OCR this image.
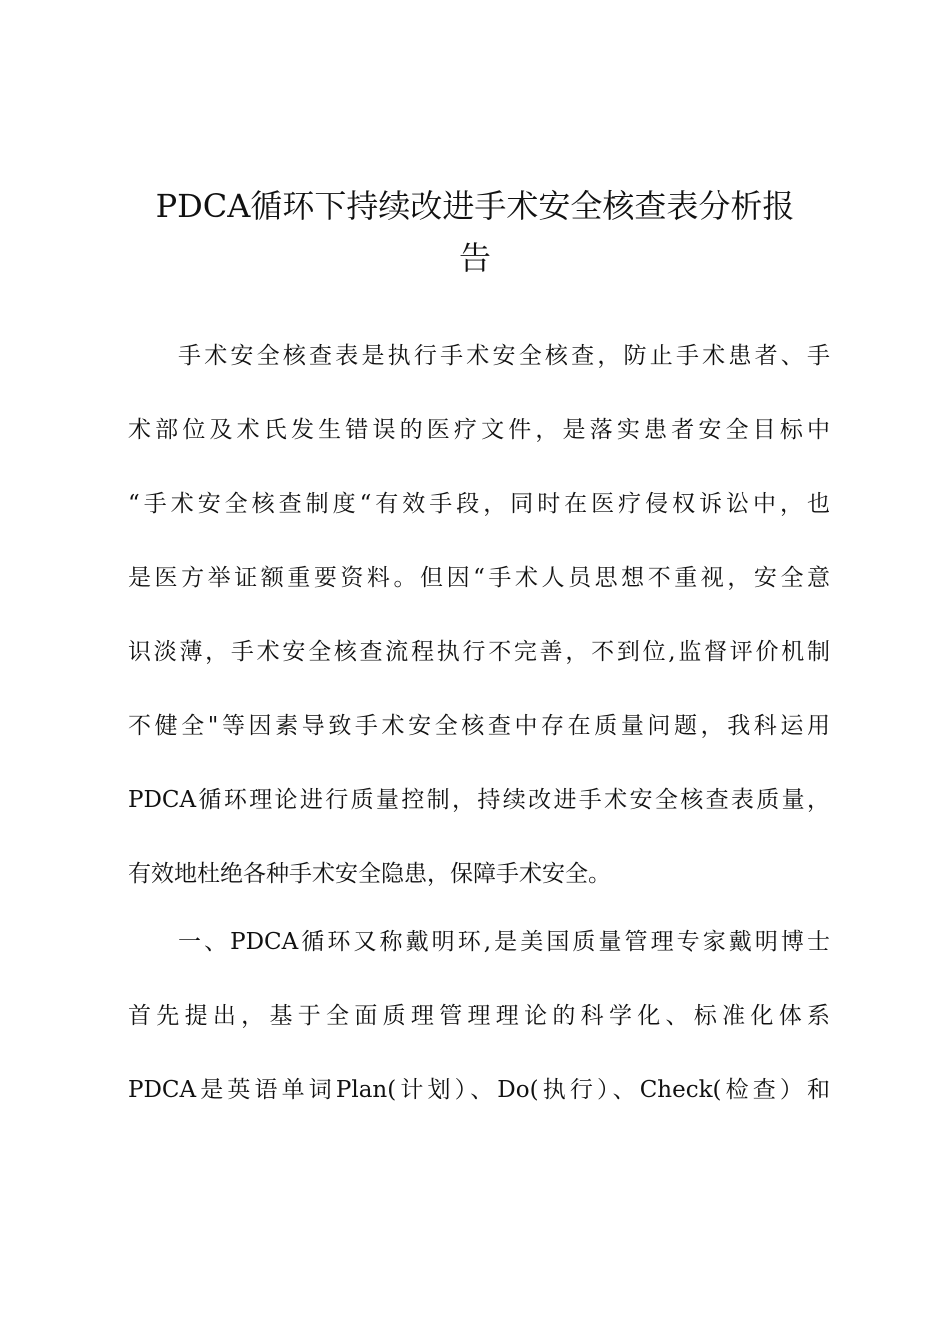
PDCA循环下持续改进手术安全核查表分析报
告

手术安全核查表是执行手术安全核查，防止手术患者、手

术部位及术氏发生错误的医疗文件，是落实患者安全目标中

“手术安全核查制度“有效手段，同时在医疗侵权诉讼中，也

是医方举证额重要资料。但因“手术人员思想不重视，安全意

识淡薄，手术安全核查流程执行不完善，不到位,监督评价机制

不健全"等因素导致手术安全核查中存在质量问题，我科运用

PDCA循环理论进行质量控制，持续改进手术安全核查表质量，

有效地杜绝各种手术安全隐患，保障手术安全。

一、PDCA循环又称戴明环,是美国质量管理专家戴明博士

首先提出，基于全面质理管理理论的科学化、标准化体系

PDCA是英语单词Plan(计划）、Do(执行）、Check(检查）和
